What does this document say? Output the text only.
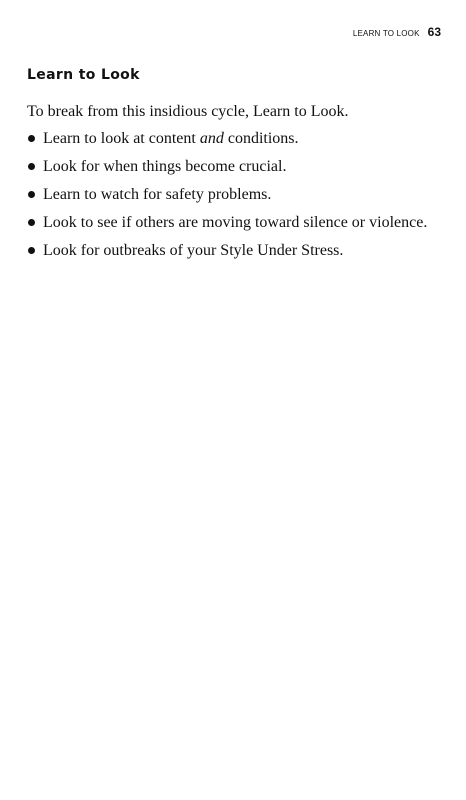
LEARN TO LOOK 63
Learn to Look

To break from this insidious cycle, Learn to Look.

Learn to look at content and conditions.
Look for when things become crucial.
Learn to watch for safety problems.
Look to see if others are moving toward silence or violence.
Look for outbreaks of your Style Under Stress.
